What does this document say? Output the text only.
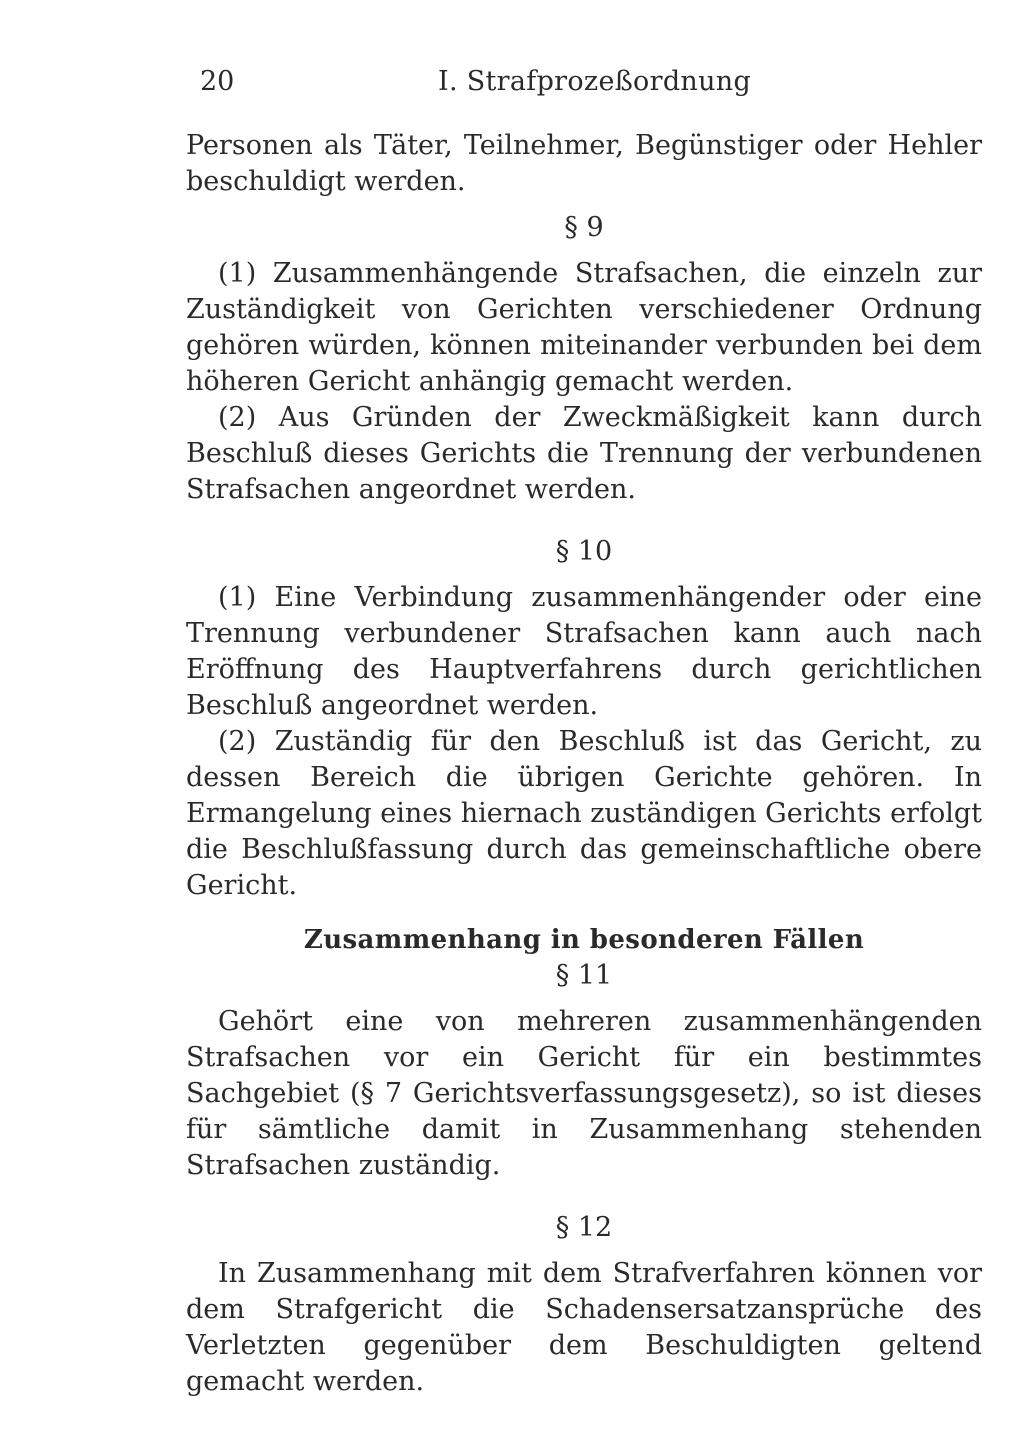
20	I. Strafprozeßordnung

Personen als Täter, Teilnehmer, Begünstiger oder Hehler beschuldigt werden.

§ 9

(1) Zusammenhängende Strafsachen, die einzeln zur Zuständigkeit von Gerichten verschiedener Ordnung gehören würden, können miteinander verbunden bei dem höheren Gericht anhängig gemacht werden.

(2) Aus Gründen der Zweckmäßigkeit kann durch Beschluß dieses Gerichts die Trennung der verbundenen Strafsachen angeordnet werden.

§ 10

(1) Eine Verbindung zusammenhängender oder eine Trennung verbundener Strafsachen kann auch nach Eröffnung des Hauptverfahrens durch gerichtlichen Beschluß angeordnet werden.

(2) Zuständig für den Beschluß ist das Gericht, zu dessen Bereich die übrigen Gerichte gehören. In Ermangelung eines hiernach zuständigen Gerichts erfolgt die Beschlußfassung durch das gemeinschaftliche obere Gericht.

Zusammenhang in besonderen Fällen

§ 11

Gehört eine von mehreren zusammenhängenden Strafsachen vor ein Gericht für ein bestimmtes Sachgebiet (§ 7 Gerichtsverfassungsgesetz), so ist dieses für sämtliche damit in Zusammenhang stehenden Strafsachen zuständig.

§ 12

In Zusammenhang mit dem Strafverfahren können vor dem Strafgericht die Schadensersatzansprüche des Verletzten gegenüber dem Beschuldigten geltend gemacht werden.
